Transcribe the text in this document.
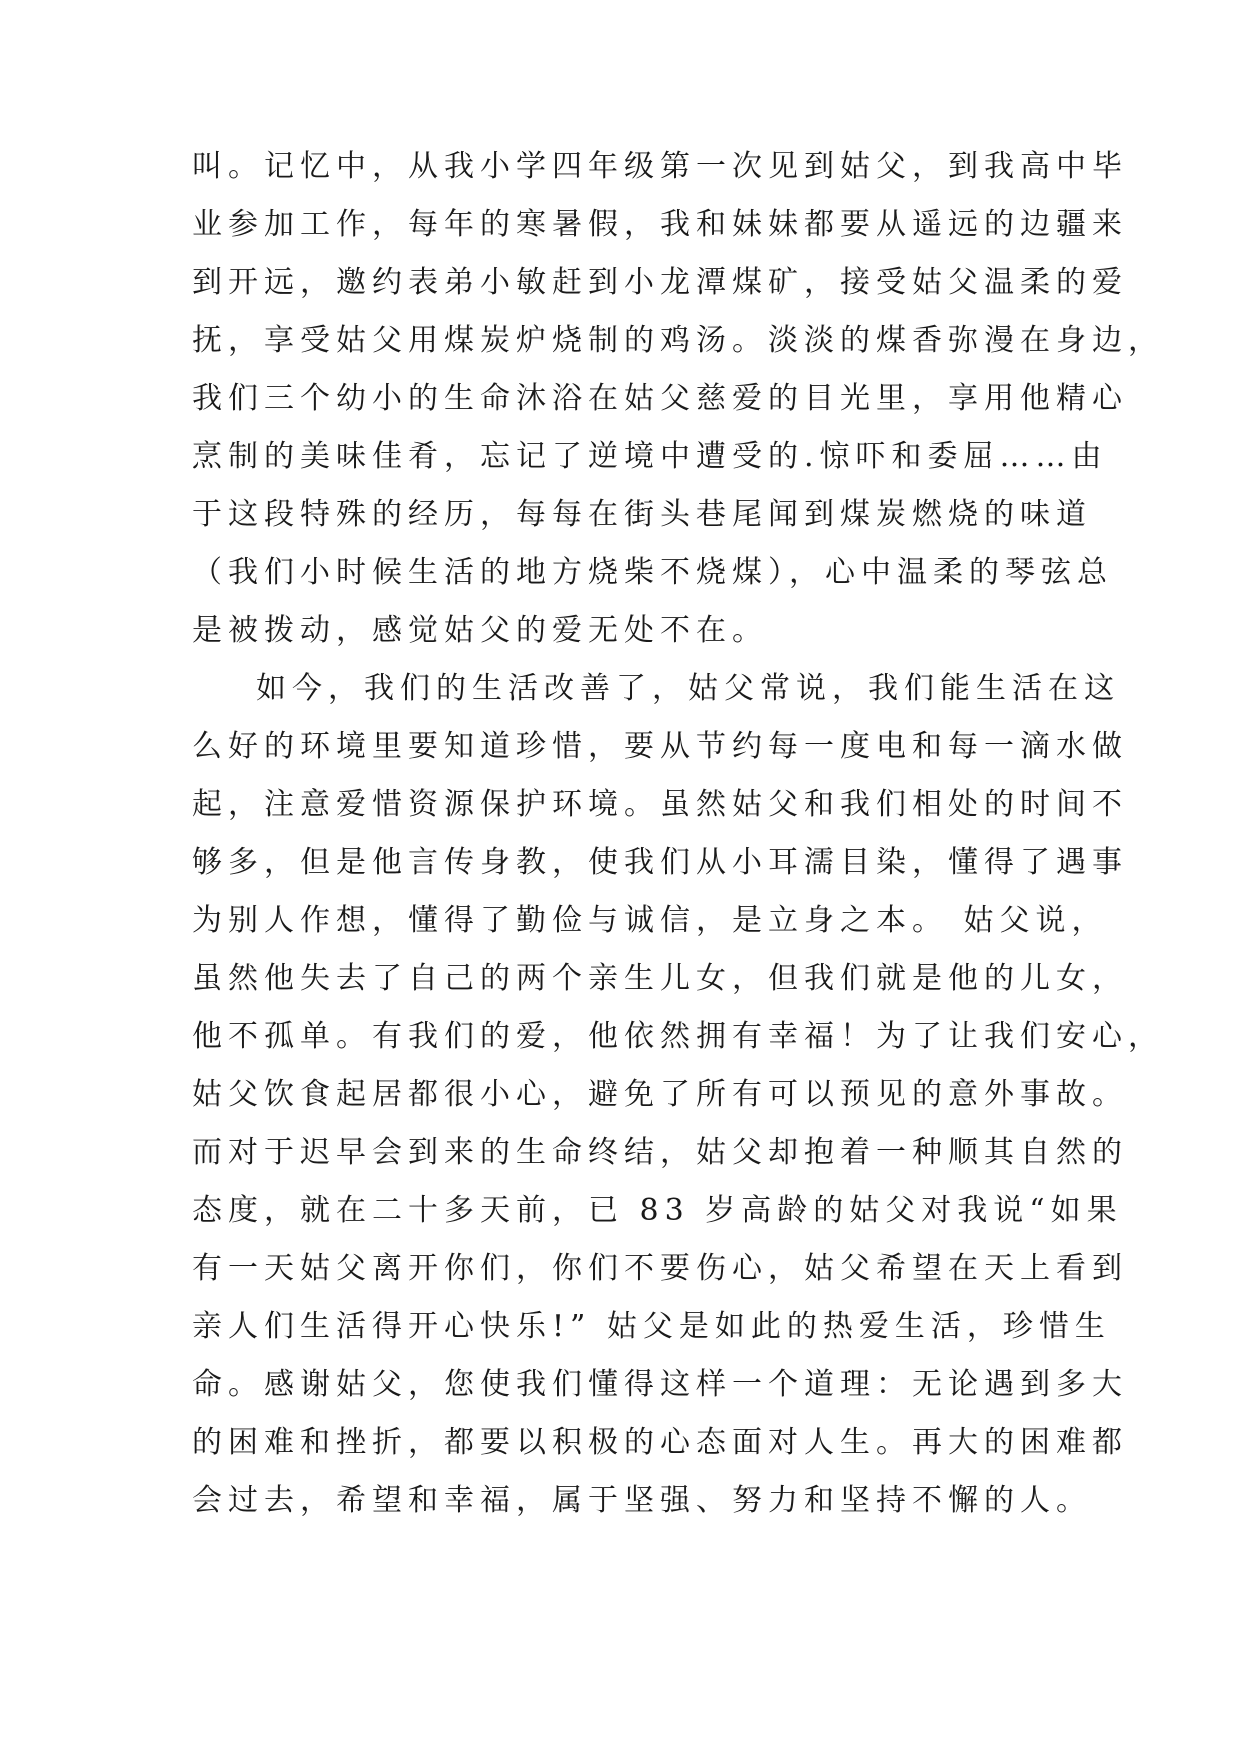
叫。记忆中，从我小学四年级第一次见到姑父，到我高中毕
业参加工作，每年的寒暑假，我和妹妹都要从遥远的边疆来
到开远，邀约表弟小敏赶到小龙潭煤矿，接受姑父温柔的爱
抚，享受姑父用煤炭炉烧制的鸡汤。淡淡的煤香弥漫在身边，
我们三个幼小的生命沐浴在姑父慈爱的目光里，享用他精心
烹制的美味佳肴，忘记了逆境中遭受的.惊吓和委屈……由
于这段特殊的经历，每每在街头巷尾闻到煤炭燃烧的味道
（我们小时候生活的地方烧柴不烧煤），心中温柔的琴弦总
是被拨动，感觉姑父的爱无处不在。
如今，我们的生活改善了，姑父常说，我们能生活在这
么好的环境里要知道珍惜，要从节约每一度电和每一滴水做
起，注意爱惜资源保护环境。虽然姑父和我们相处的时间不
够多，但是他言传身教，使我们从小耳濡目染，懂得了遇事
为别人作想，懂得了勤俭与诚信，是立身之本。 姑父说，
虽然他失去了自己的两个亲生儿女，但我们就是他的儿女，
他不孤单。有我们的爱，他依然拥有幸福！为了让我们安心，
姑父饮食起居都很小心，避免了所有可以预见的意外事故。
而对于迟早会到来的生命终结，姑父却抱着一种顺其自然的
态度，就在二十多天前，已 83 岁高龄的姑父对我说“如果
有一天姑父离开你们，你们不要伤心，姑父希望在天上看到
亲人们生活得开心快乐!” 姑父是如此的热爱生活，珍惜生
命。感谢姑父，您使我们懂得这样一个道理：无论遇到多大
的困难和挫折，都要以积极的心态面对人生。再大的困难都
会过去，希望和幸福，属于坚强、努力和坚持不懈的人。
